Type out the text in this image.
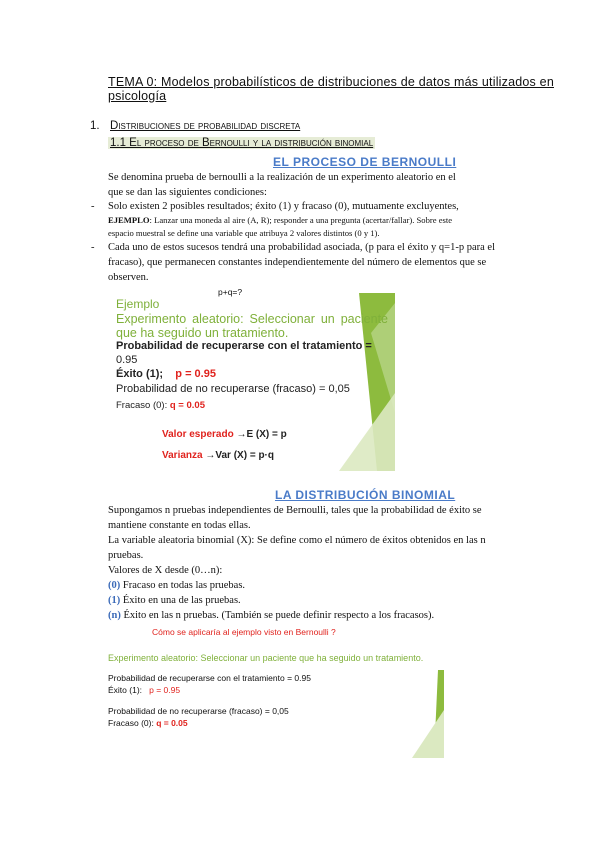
TEMA 0: Modelos probabilísticos de distribuciones de datos más utilizados en psicología
1. Distribuciones de probabilidad discreta
1.1 El proceso de Bernoulli y la distribución binomial
EL PROCESO DE BERNOULLI
Se denomina prueba de bernoulli a la realización de un experimento aleatorio en el
que se dan las siguientes condiciones:
- Solo existen 2 posibles resultados; éxito (1) y fracaso (0), mutuamente excluyentes,
EJEMPLO: Lanzar una moneda al aire (A, R); responder a una pregunta (acertar/fallar). Sobre este
espacio muestral se define una variable que atribuya 2 valores distintos (0 y 1).
- Cada uno de estos sucesos tendrá una probabilidad asociada, (p para el éxito y q=1-p para el
fracaso), que permanecen constantes independientemente del número de elementos que se
observen.
p+q=?
Ejemplo
Experimento aleatorio: Seleccionar un paciente que ha seguido un tratamiento.
Probabilidad de recuperarse con el tratamiento =
0.95
Éxito (1); p = 0.95
Probabilidad de no recuperarse (fracaso) = 0,05
Fracaso (0): q = 0.05
Valor esperado →E (X) = p
Varianza →Var (X) = p·q
LA DISTRIBUCIÓN BINOMIAL
Supongamos n pruebas independientes de Bernoulli, tales que la probabilidad de éxito se
mantiene constante en todas ellas.
La variable aleatoria binomial (X): Se define como el número de éxitos obtenidos en las n
pruebas.
Valores de X desde (0…n):
(0) Fracaso en todas las pruebas.
(1) Éxito en una de las pruebas.
(n) Éxito en las n pruebas. (También se puede definir respecto a los fracasos).
Cómo se aplicaría al ejemplo visto en Bernoulli ?
Experimento aleatorio: Seleccionar un paciente que ha seguido un tratamiento.
Probabilidad de recuperarse con el tratamiento = 0.95
Éxito (1): p = 0.95
Probabilidad de no recuperarse (fracaso) = 0,05
Fracaso (0): q = 0.05
